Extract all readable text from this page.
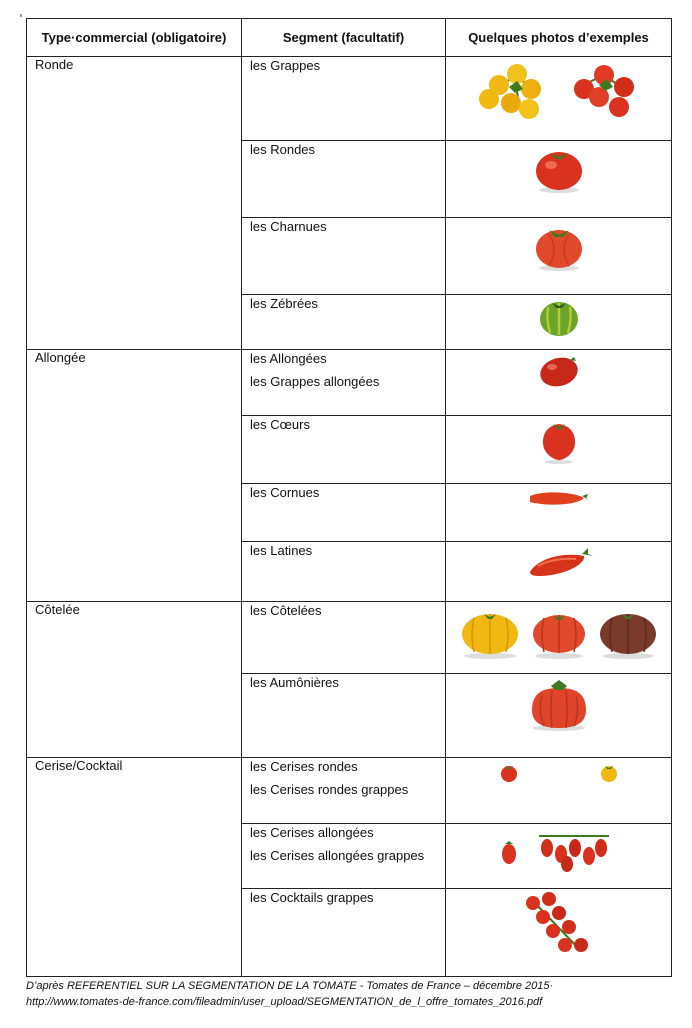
Type·commercial (obligatoire)	Segment (facultatif)	Quelques photos d’exemples
Ronde	les Grappes

	les Rondes

	les Charnues

	les Zébrées

Allongée	les Allongées
les Grappes allongées

	les Cœurs

	les Cornues

	les Latines

Côtelée	les Côtelées

	les Aumônières

Cerise/Cocktail	les Cerises rondes
les Cerises rondes grappes

	les Cerises allongées
les Cerises allongées grappes

	les Cocktails grappes

D’après REFERENTIEL SUR LA SEGMENTATION DE LA TOMATE - Tomates de France – décembre 2015·
http://www.tomates-de-france.com/fileadmin/user_upload/SEGMENTATION_de_l_offre_tomates_2016.pdf
